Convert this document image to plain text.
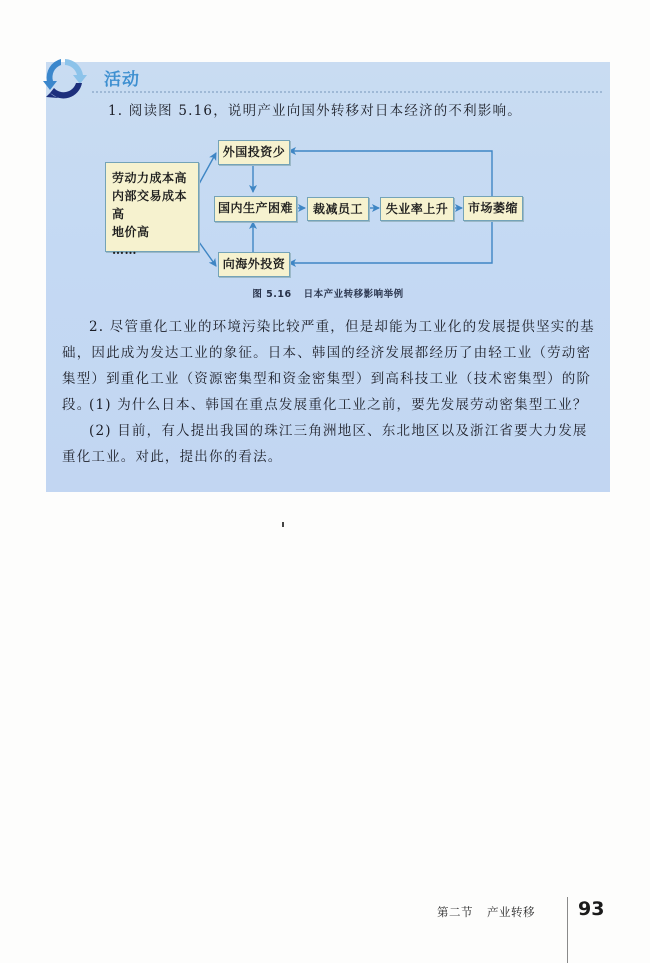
活动
1. 阅读图 5.16，说明产业向国外转移对日本经济的不利影响。
劳动力成本高
内部交易成本高
地价高
……
外国投资少
国内生产困难
向海外投资
裁减员工	失业率上升	市场萎缩
图 5.16 日本产业转移影响举例
2. 尽管重化工业的环境污染比较严重，但是却能为工业化的发展提供坚实的基础，因此成为发达工业的象征。日本、韩国的经济发展都经历了由轻工业（劳动密集型）到重化工业（资源密集型和资金密集型）到高科技工业（技术密集型）的阶段。
(1) 为什么日本、韩国在重点发展重化工业之前，要先发展劳动密集型工业？
(2) 目前，有人提出我国的珠江三角洲地区、东北地区以及浙江省要大力发展重化工业。对此，提出你的看法。
第二节 产业转移 93
